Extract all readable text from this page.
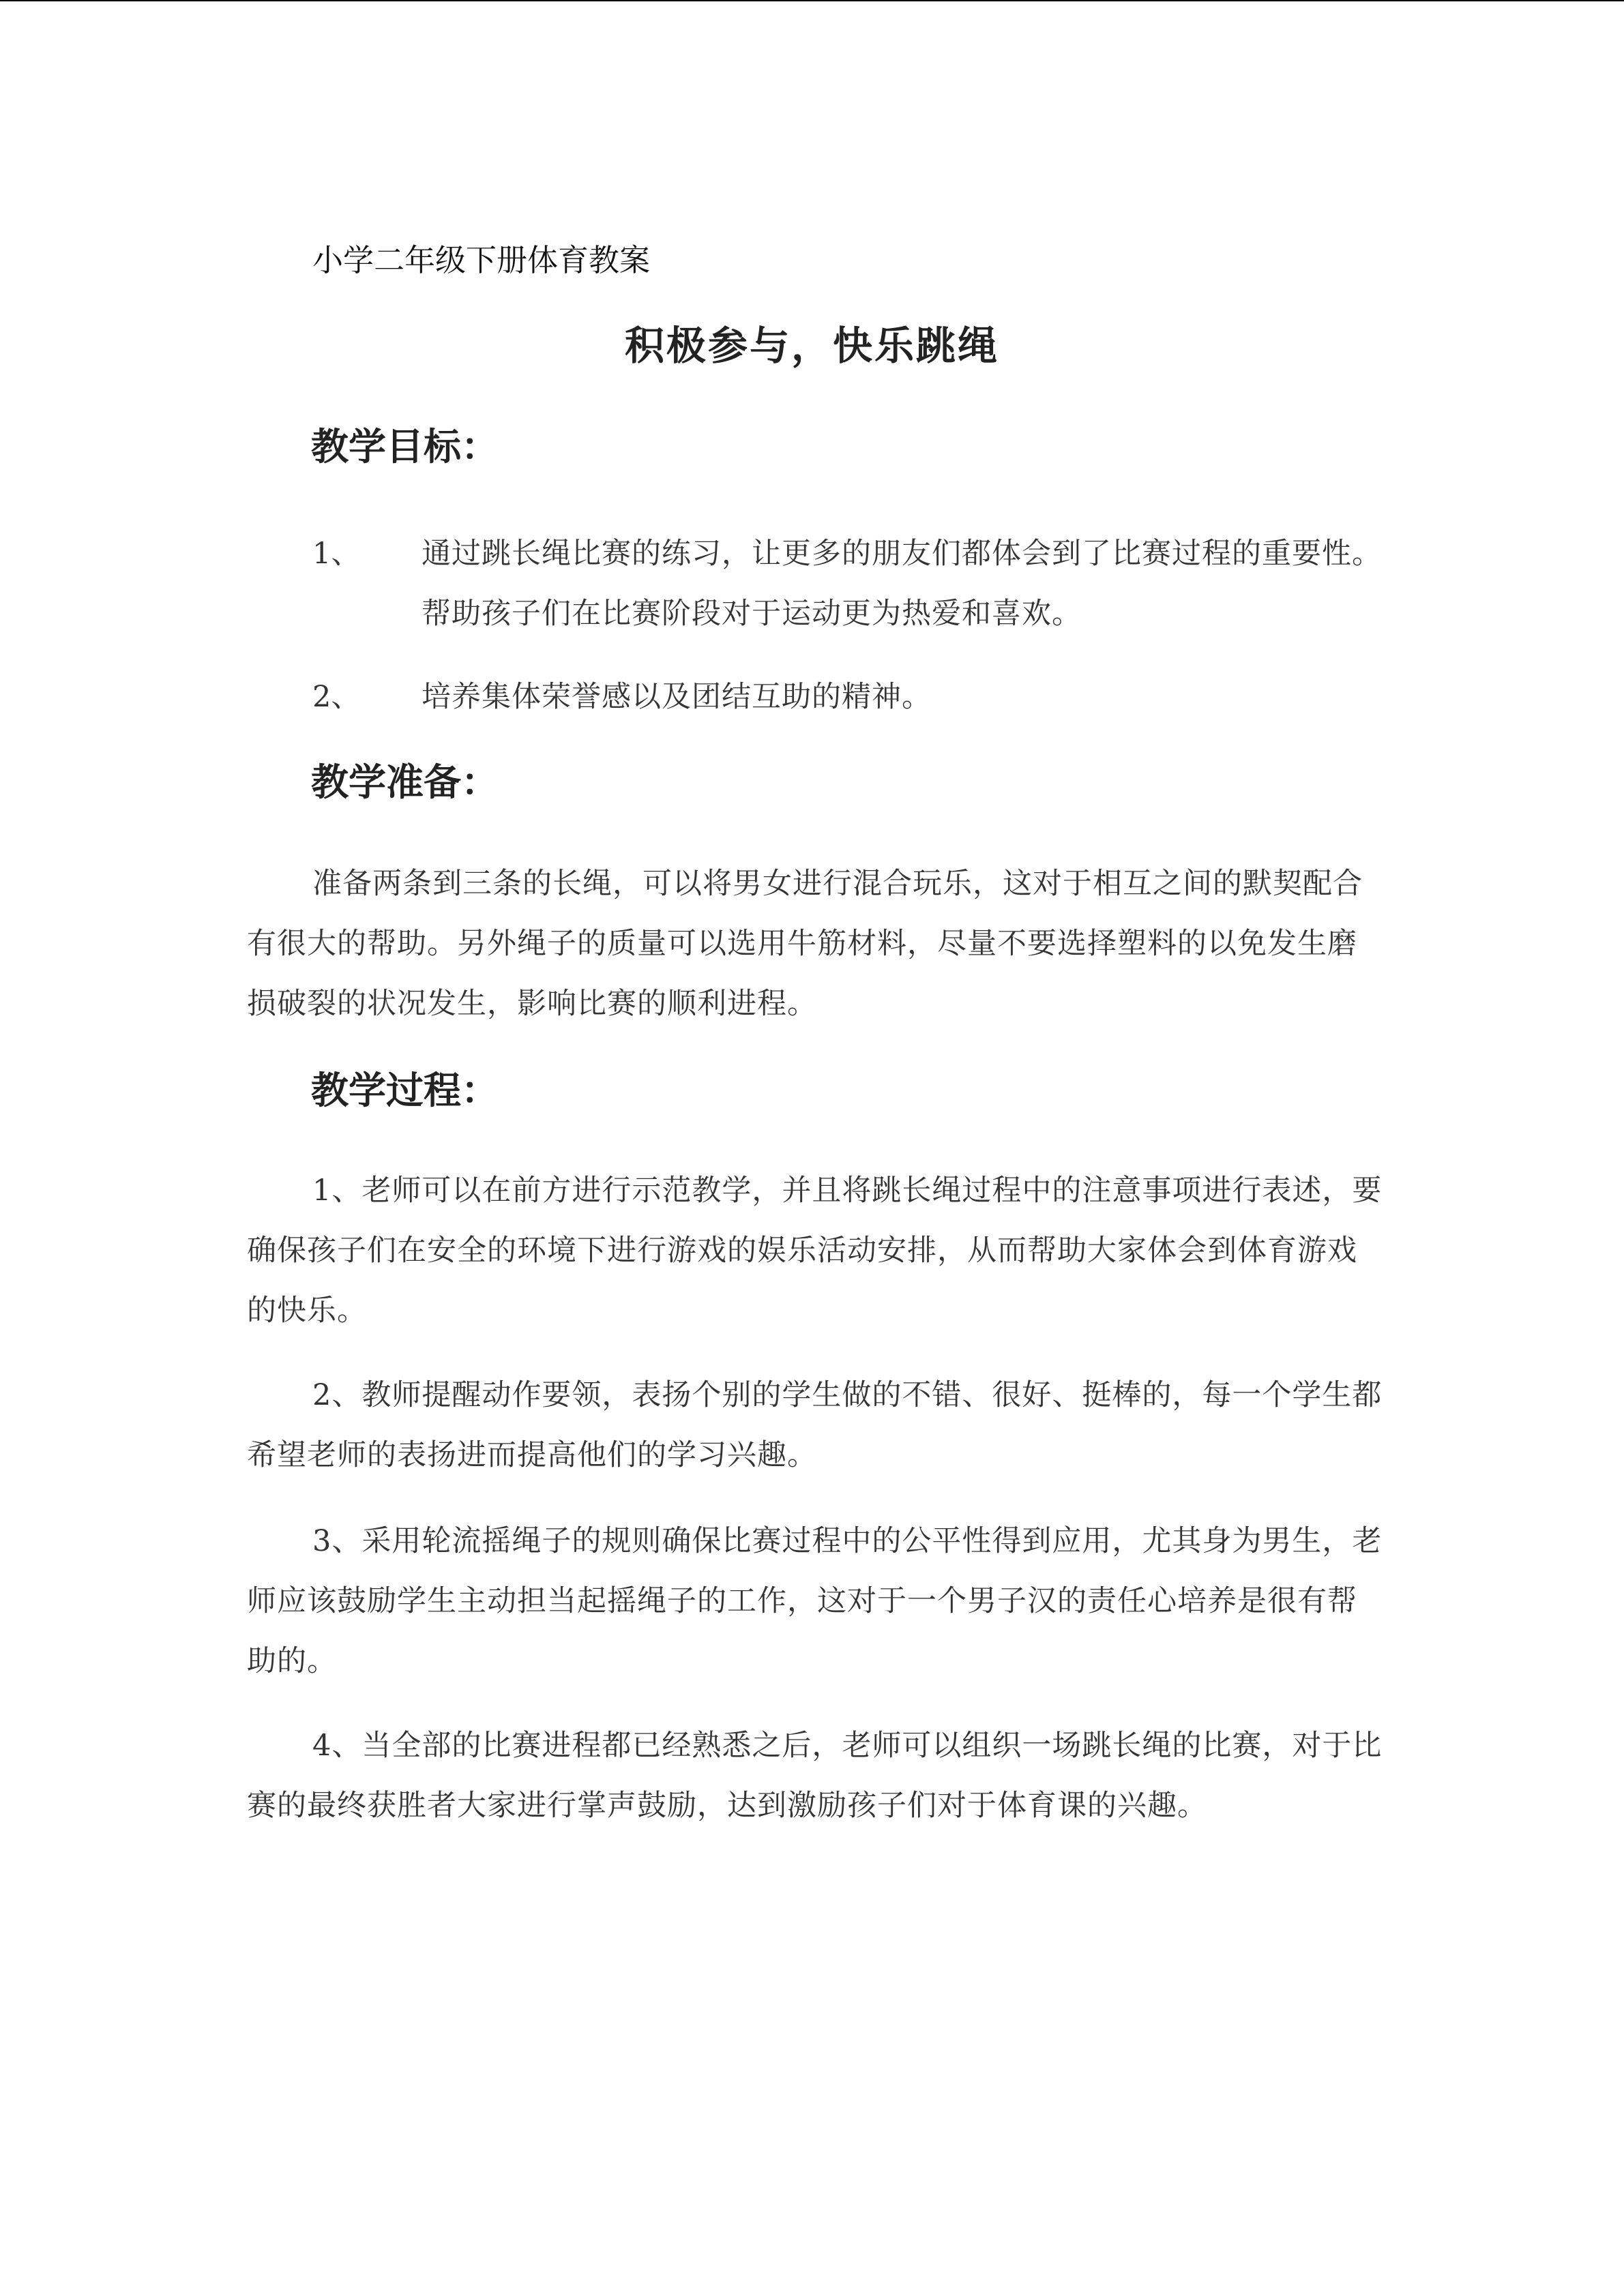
小学二年级下册体育教案
积极参与，快乐跳绳
教学目标：
1、 通过跳长绳比赛的练习，让更多的朋友们都体会到了比赛过程的重要性。帮助孩子们在比赛阶段对于运动更为热爱和喜欢。
2、 培养集体荣誉感以及团结互助的精神。
教学准备：

准备两条到三条的长绳，可以将男女进行混合玩乐，这对于相互之间的默契配合有很大的帮助。另外绳子的质量可以选用牛筋材料，尽量不要选择塑料的以免发生磨损破裂的状况发生，影响比赛的顺利进程。

教学过程：

1、老师可以在前方进行示范教学，并且将跳长绳过程中的注意事项进行表述，要确保孩子们在安全的环境下进行游戏的娱乐活动安排，从而帮助大家体会到体育游戏的快乐。

2、教师提醒动作要领，表扬个别的学生做的不错、很好、挺棒的，每一个学生都希望老师的表扬进而提高他们的学习兴趣。

3、采用轮流摇绳子的规则确保比赛过程中的公平性得到应用，尤其身为男生，老师应该鼓励学生主动担当起摇绳子的工作，这对于一个男子汉的责任心培养是很有帮助的。

4、当全部的比赛进程都已经熟悉之后，老师可以组织一场跳长绳的比赛，对于比赛的最终获胜者大家进行掌声鼓励，达到激励孩子们对于体育课的兴趣。
